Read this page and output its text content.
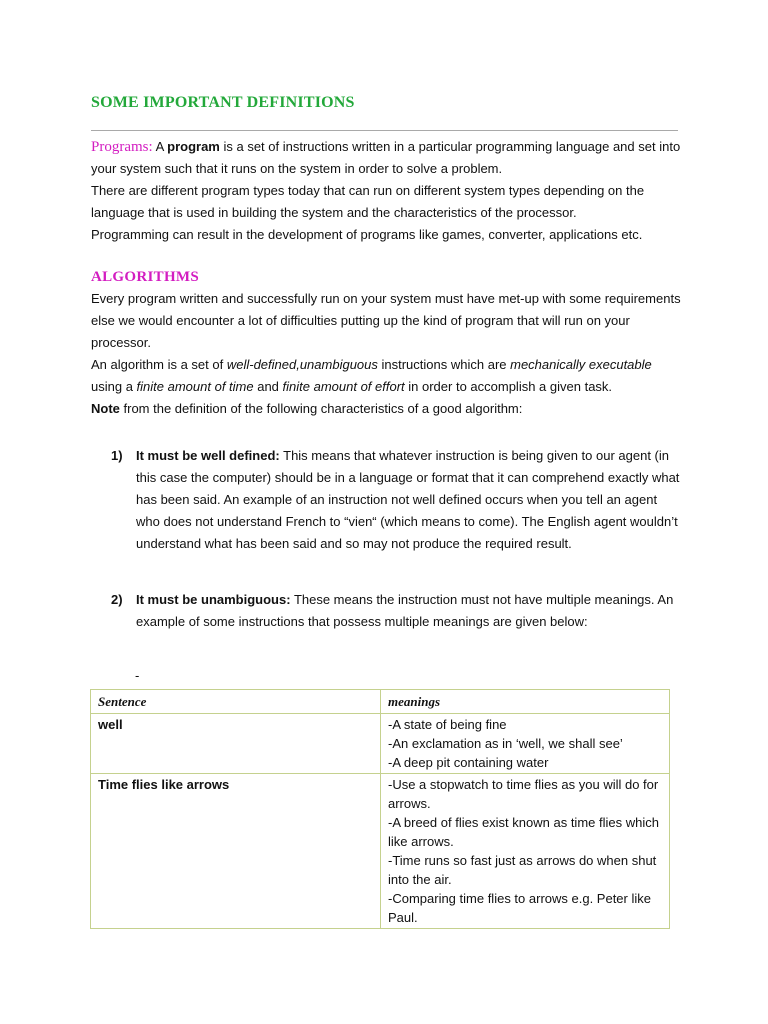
SOME IMPORTANT DEFINITIONS

Programs: A program is a set of instructions written in a particular programming language and set into your system such that it runs on the system in order to solve a problem.

There are different program types today that can run on different system types depending on the language that is used in building the system and the characteristics of the processor.

Programming can result in the development of programs like games, converter, applications etc.

ALGORITHMS

Every program written and successfully run on your system must have met-up with some requirements else we would encounter a lot of difficulties putting up the kind of program that will run on your processor.

An algorithm is a set of well-defined,unambiguous instructions which are mechanically executable using a finite amount of time and finite amount of effort in order to accomplish a given task.

Note from the definition of the following characteristics of a good algorithm:

1) It must be well defined: This means that whatever instruction is being given to our agent (in this case the computer) should be in a language or format that it can comprehend exactly what has been said. An example of an instruction not well defined occurs when you tell an agent who does not understand French to “vien“ (which means to come). The English agent wouldn’t understand what has been said and so may not produce the required result.
2) It must be unambiguous: These means the instruction must not have multiple meanings. An example of some instructions that possess multiple meanings are given below:
-
Sentence	meanings
well	-A state of being fine
-An exclamation as in ‘well, we shall see’
-A deep pit containing water

Time flies like arrows	-Use a stopwatch to time flies as you will do for arrows.
-A breed of flies exist known as time flies which like arrows.
-Time runs so fast just as arrows do when shut into the air.
-Comparing time flies to arrows e.g. Peter like Paul.
